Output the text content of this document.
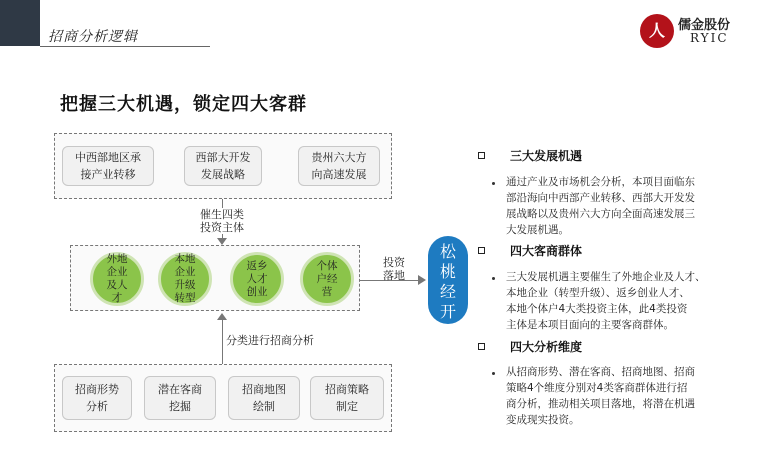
招商分析逻辑	人 儒金股份
RYIC
把握三大机遇，锁定四大客群
中西部地区承
接产业转移
西部大开发
发展战略
贵州六大方
向高速发展
催生四类
投资主体
外地
企业
及人
才
本地
企业
升级
转型
返乡
人才
创业
个体
户经
营
投资
落地
松
桃
经
开
分类进行招商分析
招商形势
分析
潜在客商
挖掘
招商地图
绘制
招商策略
制定
三大发展机遇
通过产业及市场机会分析，本项目面临东
部沿海向中西部产业转移、西部大开发发
展战略以及贵州六大方向全面高速发展三
大发展机遇。
四大客商群体
三大发展机遇主要催生了外地企业及人才、
本地企业（转型升级）、返乡创业人才、
本地个体户4大类投资主体，此4类投资
主体是本项目面向的主要客商群体。
四大分析维度
从招商形势、潜在客商、招商地图、招商
策略4个维度分别对4类客商群体进行招
商分析，推动相关项目落地，将潜在机遇
变成现实投资。
